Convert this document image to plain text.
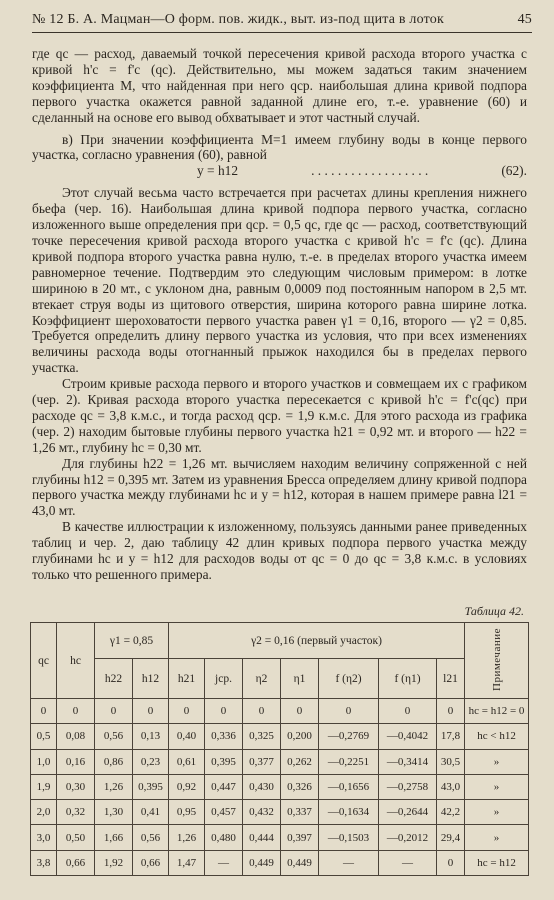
№ 12 Б. А. Мацман—О форм. пов. жидк., выт. из-под щита в лоток	45

где qc — расход, даваемый точкой пересечения кривой расхода второго участка с кривой h'c = f'c (qc). Действительно, мы можем задаться таким значением коэффициента M, что найденная при него qср. наибольшая длина кривой подпора первого участка окажется равной заданной длине его, т.-е. уравнение (60) и сделанный на основе его вывод обхватывает и этот частный случай.

в) При значении коэффициента M=1 имеем глубину воды в конце первого участка, согласно уравнения (60), равной

y = h12	. . . . . . . . . . . . . . . . . .	(62).

Этот случай весьма часто встречается при расчетах длины крепления нижнего бьефа (чер. 16). Наибольшая длина кривой подпора первого участка, согласно изложенного выше определения при qср. = 0,5 qc, где qc — расход, соответствующий точке пересечения кривой расхода второго участка с кривой h'c = f'c (qc). Длина кривой подпора второго участка равна нулю, т.-е. в пределах второго участка имеем равномерное течение. Подтвердим это следующим числовым примером: в лотке шириною в 20 мт., с уклоном дна, равным 0,0009 под постоянным напором в 2,5 мт. втекает струя воды из щитового отверстия, ширина которого равна ширине лотка. Коэффициент шероховатости первого участка равен γ1 = 0,16, второго — γ2 = 0,85. Требуется определить длину первого участка из условия, что при всех изменениях величины расхода воды отогнанный прыжок находился бы в пределах первого участка.

Строим кривые расхода первого и второго участков и совмещаем их с графиком (чер. 2). Кривая расхода второго участка пересекается с кривой h'c = f'c(qc) при расходе qc = 3,8 к.м.с., и тогда расход qср. = 1,9 к.м.с. Для этого расхода из графика (чер. 2) находим бытовые глубины первого участка h21 = 0,92 мт. и второго — h22 = 1,26 мт., глубину hc = 0,30 мт.

Для глубины h22 = 1,26 мт. вычисляем находим величину сопряженной с ней глубины h12 = 0,395 мт. Затем из уравнения Бресса определяем длину кривой подпора первого участка между глубинами hc и y = h12, которая в нашем примере равна l21 = 43,0 мт.

В качестве иллюстрации к изложенному, пользуясь данными ранее приведенных таблиц и чер. 2, даю таблицу 42 длин кривых подпора первого участка между глубинами hc и y = h12 для расходов воды от qc = 0 до qc = 3,8 к.м.с. в условиях только что решенного примера.

Таблица 42.
qc	hc	γ1 = 0,85		γ2 = 0,16 (первый участок)							Примечание
		h22	h12	h21	jср.	η2	η1	f (η2)	f (η1)	l21	
0	0	0	0	0	0	0	0	0	0	0	hc = h12 = 0
0,5	0,08	0,56	0,13	0,40	0,336	0,325	0,200	—0,2769	—0,4042	17,8	hc < h12
1,0	0,16	0,86	0,23	0,61	0,395	0,377	0,262	—0,2251	—0,3414	30,5	»
1,9	0,30	1,26	0,395	0,92	0,447	0,430	0,326	—0,1656	—0,2758	43,0	»
2,0	0,32	1,30	0,41	0,95	0,457	0,432	0,337	—0,1634	—0,2644	42,2	»
3,0	0,50	1,66	0,56	1,26	0,480	0,444	0,397	—0,1503	—0,2012	29,4	»
3,8	0,66	1,92	0,66	1,47	—	0,449	0,449	—	—	0	hc = h12
